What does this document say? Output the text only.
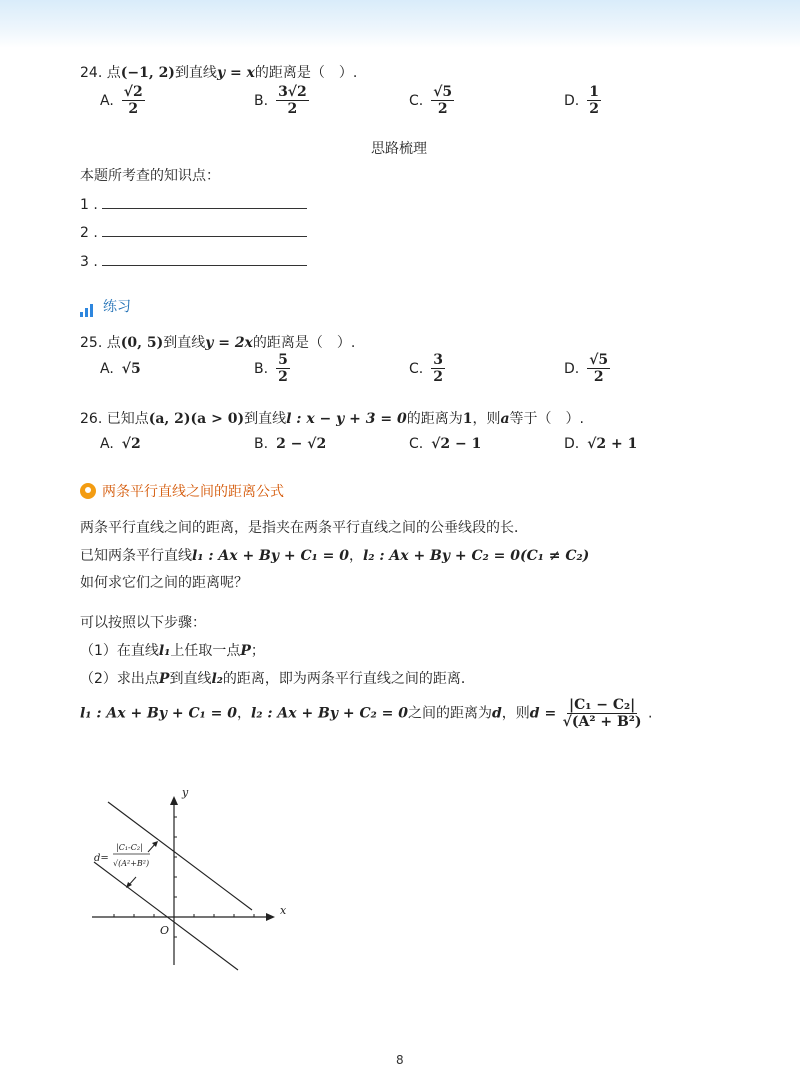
24. 点(−1, 2)到直线y = x的距离是（　）.
A. $\frac{√2}{2}$	B. $\frac{3√2}{2}$	C. $\frac{√5}{2}$	D. $\frac{1}{2}$
思路梳理
本题所考查的知识点：
1 .
2 .
3 .
练习
25. 点(0, 5)到直线y = 2x的距离是（　）.
A. √5	B. $\frac{5}{2}$	C. $\frac{3}{2}$	D. $\frac{√5}{2}$
26. 已知点(a, 2)(a > 0)到直线l : x − y + 3 = 0的距离为1，则a等于（　）.
A. √2	B. 2 − √2	C. √2 − 1	D. √2 + 1
两条平行直线之间的距离公式
两条平行直线之间的距离，是指夹在两条平行直线之间的公垂线段的长．
已知两条平行直线l₁ : Ax + By + C₁ = 0，l₂ : Ax + By + C₂ = 0(C₁ ≠ C₂)
如何求它们之间的距离呢？
可以按照以下步骤：
（1）在直线l₁上任取一点P；
（2）求出点P到直线l₂的距离，即为两条平行直线之间的距离．
l₁ : Ax + By + C₁ = 0，l₂ : Ax + By + C₂ = 0之间的距离为d，则$d = \frac{\text{|C₁ − C₂|}}{\text{√(A² + B²)}}$ .
y
x
O
d=
|C₁-C₂|
√(A²+B²)
8
